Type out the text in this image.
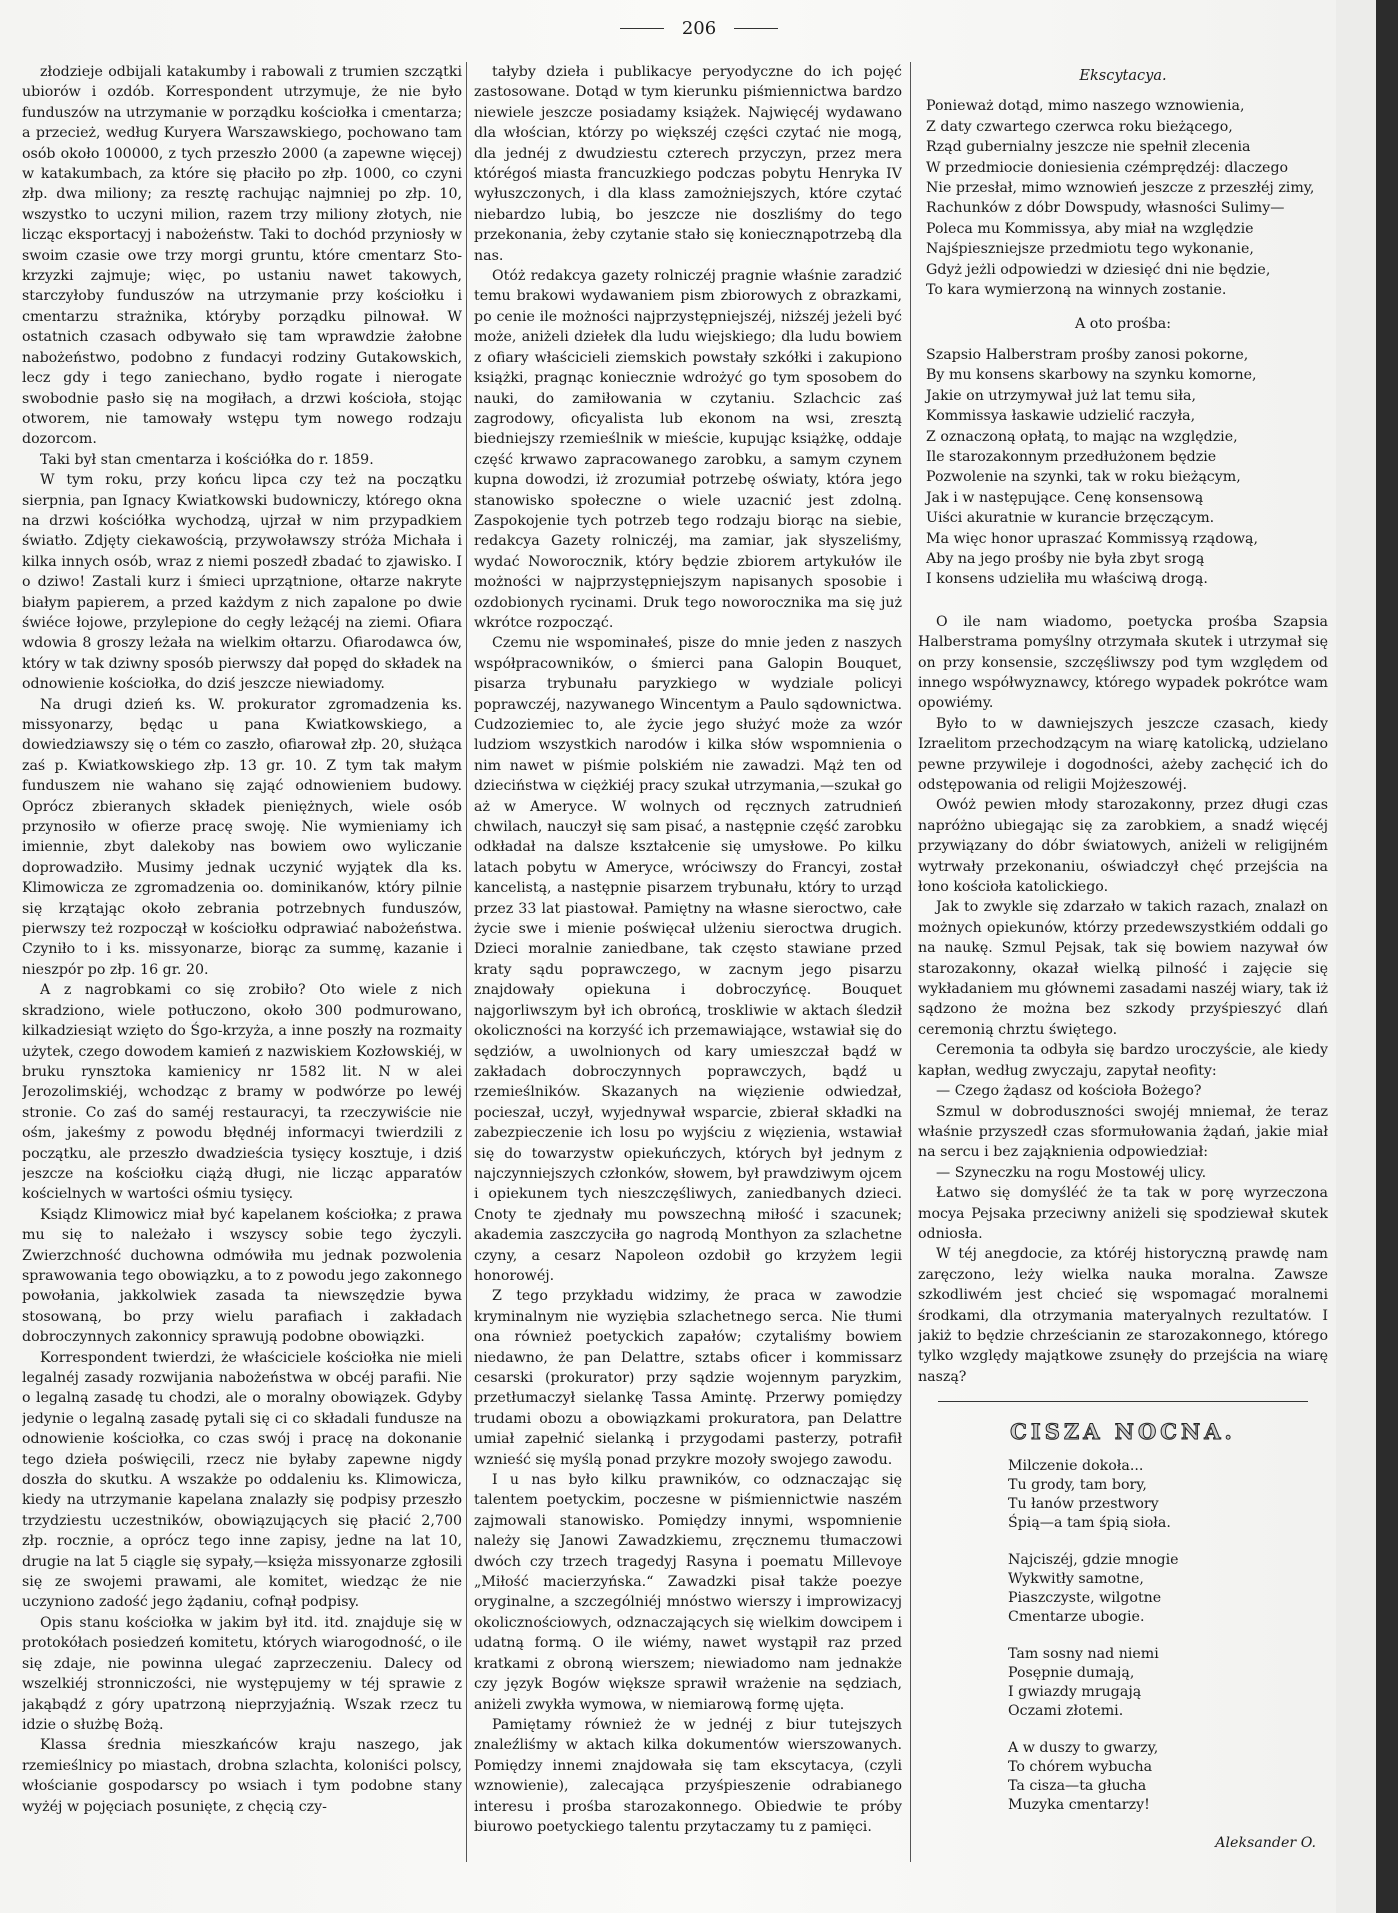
206

złodzieje odbijali katakumby i rabowali z trumien szczątki ubiorów i ozdób. Korrespondent utrzymuje, że nie było funduszów na utrzymanie w porządku kościołka i cmentarza; a przecież, według Kuryera Warszawskiego, pochowano tam osób około 100000, z tych przeszło 2000 (a zapewne więcej) w katakumbach, za które się płaciło po złp. 1000, co czyni złp. dwa miliony; za resztę rachując najmniej po złp. 10, wszystko to uczyni milion, razem trzy miliony złotych, nie licząc eksportacyj i nabożeństw. Taki to dochód przyniosły w swoim czasie owe trzy morgi gruntu, które cmentarz Sto-krzyzki zajmuje; więc, po ustaniu nawet takowych, starczyłoby funduszów na utrzymanie przy kościołku i cmentarzu strażnika, któryby porządku pilnował. W ostatnich czasach odbywało się tam wprawdzie żałobne nabożeństwo, podobno z fundacyi rodziny Gutakowskich, lecz gdy i tego zaniechano, bydło rogate i nierogate swobodnie pasło się na mogiłach, a drzwi kościoła, stojąc otworem, nie tamowały wstępu tym nowego rodzaju dozorcom.

Taki był stan cmentarza i kościółka do r. 1859.

W tym roku, przy końcu lipca czy też na początku sierpnia, pan Ignacy Kwiatkowski budowniczy, którego okna na drzwi kościółka wychodzą, ujrzał w nim przypadkiem światło. Zdjęty ciekawością, przywoławszy stróża Michała i kilka innych osób, wraz z niemi poszedł zbadać to zjawisko. I o dziwo! Zastali kurz i śmieci uprzątnione, ołtarze nakryte białym papierem, a przed każdym z nich zapalone po dwie świéce łojowe, przylepione do cegły leżącéj na ziemi. Ofiara wdowia 8 groszy leżała na wielkim ołtarzu. Ofiarodawca ów, który w tak dziwny sposób pierwszy dał popęd do składek na odnowienie kościołka, do dziś jeszcze niewiadomy.

Na drugi dzień ks. W. prokurator zgromadzenia ks. missyonarzy, będąc u pana Kwiatkowskiego, a dowiedziawszy się o tém co zaszło, ofiarował złp. 20, służąca zaś p. Kwiatkowskiego złp. 13 gr. 10. Z tym tak małym funduszem nie wahano się zająć odnowieniem budowy. Oprócz zbieranych składek pieniężnych, wiele osób przynosiło w ofierze pracę swoję. Nie wymieniamy ich imiennie, zbyt dalekoby nas bowiem owo wyliczanie doprowadziło. Musimy jednak uczynić wyjątek dla ks. Klimowicza ze zgromadzenia oo. dominikanów, który pilnie się krzątając około zebrania potrzebnych funduszów, pierwszy też rozpoczął w kościołku odprawiać nabożeństwa. Czyniło to i ks. missyonarze, biorąc za summę, kazanie i nieszpór po złp. 16 gr. 20.

A z nagrobkami co się zrobiło? Oto wiele z nich skradziono, wiele potłuczono, około 300 podmurowano, kilkadziesiąt wzięto do Śgo-krzyża, a inne poszły na rozmaity użytek, czego dowodem kamień z nazwiskiem Kozłowskiéj, w bruku rynsztoka kamienicy nr 1582 lit. N w alei Jerozolimskiéj, wchodząc z bramy w podwórze po lewéj stronie. Co zaś do saméj restauracyi, ta rzeczywiście nie ośm, jakeśmy z powodu błędnéj informacyi twierdzili z początku, ale przeszło dwadzieścia tysięcy kosztuje, i dziś jeszcze na kościołku ciążą długi, nie licząc apparatów kościelnych w wartości ośmiu tysięcy.

Ksiądz Klimowicz miał być kapelanem kościołka; z prawa mu się to należało i wszyscy sobie tego życzyli. Zwierzchność duchowna odmówiła mu jednak pozwolenia sprawowania tego obowiązku, a to z powodu jego zakonnego powołania, jakkolwiek zasada ta niewszędzie bywa stosowaną, bo przy wielu parafiach i zakładach dobroczynnych zakonnicy sprawują podobne obowiązki.

Korrespondent twierdzi, że właściciele kościołka nie mieli legalnéj zasady rozwijania nabożeństwa w obcéj parafii. Nie o legalną zasadę tu chodzi, ale o moralny obowiązek. Gdyby jedynie o legalną zasadę pytali się ci co składali fundusze na odnowienie kościołka, co czas swój i pracę na dokonanie tego dzieła poświęcili, rzecz nie byłaby zapewne nigdy doszła do skutku. A wszakże po oddaleniu ks. Klimowicza, kiedy na utrzymanie kapelana znalazły się podpisy przeszło trzydziestu uczestników, obowiązujących się płacić 2,700 złp. rocznie, a oprócz tego inne zapisy, jedne na lat 10, drugie na lat 5 ciągle się sypały,—księża missyonarze zgłosili się ze swojemi prawami, ale komitet, wiedząc że nie uczyniono zadość jego żądaniu, cofnął podpisy.

Opis stanu kościołka w jakim był itd. itd. znajduje się w protokółach posiedzeń komitetu, których wiarogodność, o ile się zdaje, nie powinna ulegać zaprzeczeniu. Dalecy od wszelkiéj stronniczości, nie występujemy w téj sprawie z jakąbądź z góry upatrzoną nieprzyjaźnią. Wszak rzecz tu idzie o służbę Bożą.

Klassa średnia mieszkańców kraju naszego, jak rzemieślnicy po miastach, drobna szlachta, koloniści polscy, włościanie gospodarscy po wsiach i tym podobne stany wyżéj w pojęciach posunięte, z chęcią czy-

tałyby dzieła i publikacye peryodyczne do ich pojęć zastosowane. Dotąd w tym kierunku piśmiennictwa bardzo niewiele jeszcze posiadamy książek. Najwięcéj wydawano dla włościan, którzy po większéj części czytać nie mogą, dla jednéj z dwudziestu czterech przyczyn, przez mera którégoś miasta francuzkiego podczas pobytu Henryka IV wyłuszczonych, i dla klass zamożniejszych, które czytać niebardzo lubią, bo jeszcze nie doszliśmy do tego przekonania, żeby czytanie stało się koniecznąpotrzebą dla nas.

Otóż redakcya gazety rolniczéj pragnie właśnie zaradzić temu brakowi wydawaniem pism zbiorowych z obrazkami, po cenie ile możności najprzystępniejszéj, niższéj jeżeli być może, aniżeli dziełek dla ludu wiejskiego; dla ludu bowiem z ofiary właścicieli ziemskich powstały szkółki i zakupiono książki, pragnąc koniecznie wdrożyć go tym sposobem do nauki, do zamiłowania w czytaniu. Szlachcic zaś zagrodowy, oficyalista lub ekonom na wsi, zresztą biedniejszy rzemieślnik w mieście, kupując książkę, oddaje część krwawo zapracowanego zarobku, a samym czynem kupna dowodzi, iż zrozumiał potrzebę oświaty, która jego stanowisko społeczne o wiele uzacnić jest zdolną. Zaspokojenie tych potrzeb tego rodzaju biorąc na siebie, redakcya Gazety rolniczéj, ma zamiar, jak słyszeliśmy, wydać Noworocznik, który będzie zbiorem artykułów ile możności w najprzystępniejszym napisanych sposobie i ozdobionych rycinami. Druk tego noworocznika ma się już wkrótce rozpocząć.

Czemu nie wspominałeś, pisze do mnie jeden z naszych współpracowników, o śmierci pana Galopin Bouquet, pisarza trybunału paryzkiego w wydziale policyi poprawczéj, nazywanego Wincentym a Paulo sądownictwa. Cudzoziemiec to, ale życie jego służyć może za wzór ludziom wszystkich narodów i kilka słów wspomnienia o nim nawet w piśmie polskiém nie zawadzi. Mąż ten od dzieciństwa w ciężkiéj pracy szukał utrzymania,—szukał go aż w Ameryce. W wolnych od ręcznych zatrudnień chwilach, nauczył się sam pisać, a następnie część zarobku odkładał na dalsze kształcenie się umysłowe. Po kilku latach pobytu w Ameryce, wróciwszy do Francyi, został kancelistą, a następnie pisarzem trybunału, który to urząd przez 33 lat piastował. Pamiętny na własne sieroctwo, całe życie swe i mienie poświęcał ulżeniu sieroctwa drugich. Dzieci moralnie zaniedbane, tak często stawiane przed kraty sądu poprawczego, w zacnym jego pisarzu znajdowały opiekuna i dobroczyńcę. Bouquet najgorliwszym był ich obrońcą, troskliwie w aktach śledził okoliczności na korzyść ich przemawiające, wstawiał się do sędziów, a uwolnionych od kary umieszczał bądź w zakładach dobroczynnych poprawczych, bądź u rzemieślników. Skazanych na więzienie odwiedzał, pocieszał, uczył, wyjednywał wsparcie, zbierał składki na zabezpieczenie ich losu po wyjściu z więzienia, wstawiał się do towarzystw opiekuńczych, których był jednym z najczynniejszych członków, słowem, był prawdziwym ojcem i opiekunem tych nieszczęśliwych, zaniedbanych dzieci. Cnoty te zjednały mu powszechną miłość i szacunek; akademia zaszczyciła go nagrodą Monthyon za szlachetne czyny, a cesarz Napoleon ozdobił go krzyżem legii honorowéj.

Z tego przykładu widzimy, że praca w zawodzie kryminalnym nie wyziębia szlachetnego serca. Nie tłumi ona również poetyckich zapałów; czytaliśmy bowiem niedawno, że pan Delattre, sztabs oficer i kommissarz cesarski (prokurator) przy sądzie wojennym paryzkim, przetłumaczył sielankę Tassa Amintę. Przerwy pomiędzy trudami obozu a obowiązkami prokuratora, pan Delattre umiał zapełnić sielanką i przygodami pasterzy, potrafił wznieść się myślą ponad przykre mozoły swojego zawodu.

I u nas było kilku prawników, co odznaczając się talentem poetyckim, poczesne w piśmiennictwie naszém zajmowali stanowisko. Pomiędzy innymi, wspomnienie należy się Janowi Zawadzkiemu, zręcznemu tłumaczowi dwóch czy trzech tragedyj Rasyna i poematu Millevoye „Miłość macierzyńska.“ Zawadzki pisał także poezye oryginalne, a szczególniéj mnóstwo wierszy i improwizacyj okolicznościowych, odznaczających się wielkim dowcipem i udatną formą. O ile wiémy, nawet wystąpił raz przed kratkami z obroną wierszem; niewiadomo nam jednakże czy język Bogów większe sprawił wrażenie na sędziach, aniżeli zwykła wymowa, w niemiarową formę ujęta.

Pamiętamy również że w jednéj z biur tutejszych znaleźliśmy w aktach kilka dokumentów wierszowanych. Pomiędzy innemi znajdowała się tam ekscytacya, (czyli wznowienie), zalecająca przyśpieszenie odrabianego interesu i prośba starozakonnego. Obiedwie te próby biurowo poetyckiego talentu przytaczamy tu z pamięci.

Ekscytacya.

Ponieważ dotąd, mimo naszego wznowienia,

Z daty czwartego czerwca roku bieżącego,

Rząd gubernialny jeszcze nie spełnił zlecenia

W przedmiocie doniesienia czémprędzéj: dlaczego

Nie przesłał, mimo wznowień jeszcze z przeszłéj zimy,

Rachunków z dóbr Dowspudy, własności Sulimy—

Poleca mu Kommissya, aby miał na względzie

Najśpieszniejsze przedmiotu tego wykonanie,

Gdyż jeżli odpowiedzi w dziesięć dni nie będzie,

To kara wymierzoną na winnych zostanie.

A oto prośba:

Szapsio Halberstram prośby zanosi pokorne,

By mu konsens skarbowy na szynku komorne,

Jakie on utrzymywał już lat temu siła,

Kommissya łaskawie udzielić raczyła,

Z oznaczoną opłatą, to mając na względzie,

Ile starozakonnym przedłużonem będzie

Pozwolenie na szynki, tak w roku bieżącym,

Jak i w następujące. Cenę konsensową

Uiści akuratnie w kurancie brzęczącym.

Ma więc honor upraszać Kommissyą rządową,

Aby na jego prośby nie była zbyt srogą

I konsens udzieliła mu właściwą drogą.

O ile nam wiadomo, poetycka prośba Szapsia Halberstrama pomyślny otrzymała skutek i utrzymał się on przy konsensie, szczęśliwszy pod tym względem od innego współwyznawcy, którego wypadek pokrótce wam opowiémy.

Było to w dawniejszych jeszcze czasach, kiedy Izraelitom przechodzącym na wiarę katolicką, udzielano pewne przywileje i dogodności, ażeby zachęcić ich do odstępowania od religii Mojżeszowéj.

Owóż pewien młody starozakonny, przez długi czas napróżno ubiegając się za zarobkiem, a snadź więcéj przywiązany do dóbr światowych, aniżeli w religijném wytrwały przekonaniu, oświadczył chęć przejścia na łono kościoła katolickiego.

Jak to zwykle się zdarzało w takich razach, znalazł on możnych opiekunów, którzy przedewszystkiém oddali go na naukę. Szmul Pejsak, tak się bowiem nazywał ów starozakonny, okazał wielką pilność i zajęcie się wykładaniem mu głównemi zasadami naszéj wiary, tak iż sądzono że można bez szkody przyśpieszyć dlań ceremonią chrztu świętego.

Ceremonia ta odbyła się bardzo uroczyście, ale kiedy kapłan, według zwyczaju, zapytał neofity:

— Czego żądasz od kościoła Bożego?

Szmul w dobroduszności swojéj mniemał, że teraz właśnie przyszedł czas sformułowania żądań, jakie miał na sercu i bez zająknienia odpowiedział:

— Szyneczku na rogu Mostowéj ulicy.

Łatwo się domyśléć że ta tak w porę wyrzeczona mocya Pejsaka przeciwny aniżeli się spodziewał skutek odniosła.

W téj anegdocie, za któréj historyczną prawdę nam zaręczono, leży wielka nauka moralna. Zawsze szkodliwém jest chcieć się wspomagać moralnemi środkami, dla otrzymania materyalnych rezultatów. I jakiż to będzie chrześcianin ze starozakonnego, którego tylko względy majątkowe zsunęły do przejścia na wiarę naszą?

CISZA NOCNA.

Milczenie dokoła...

Tu grody, tam bory,

Tu łanów przestwory

Śpią—a tam śpią sioła.

Najciszéj, gdzie mnogie

Wykwitły samotne,

Piaszczyste, wilgotne

Cmentarze ubogie.

Tam sosny nad niemi

Posępnie dumają,

I gwiazdy mrugają

Oczami złotemi.

A w duszy to gwarzy,

To chórem wybucha

Ta cisza—ta głucha

Muzyka cmentarzy!

Aleksander O.
